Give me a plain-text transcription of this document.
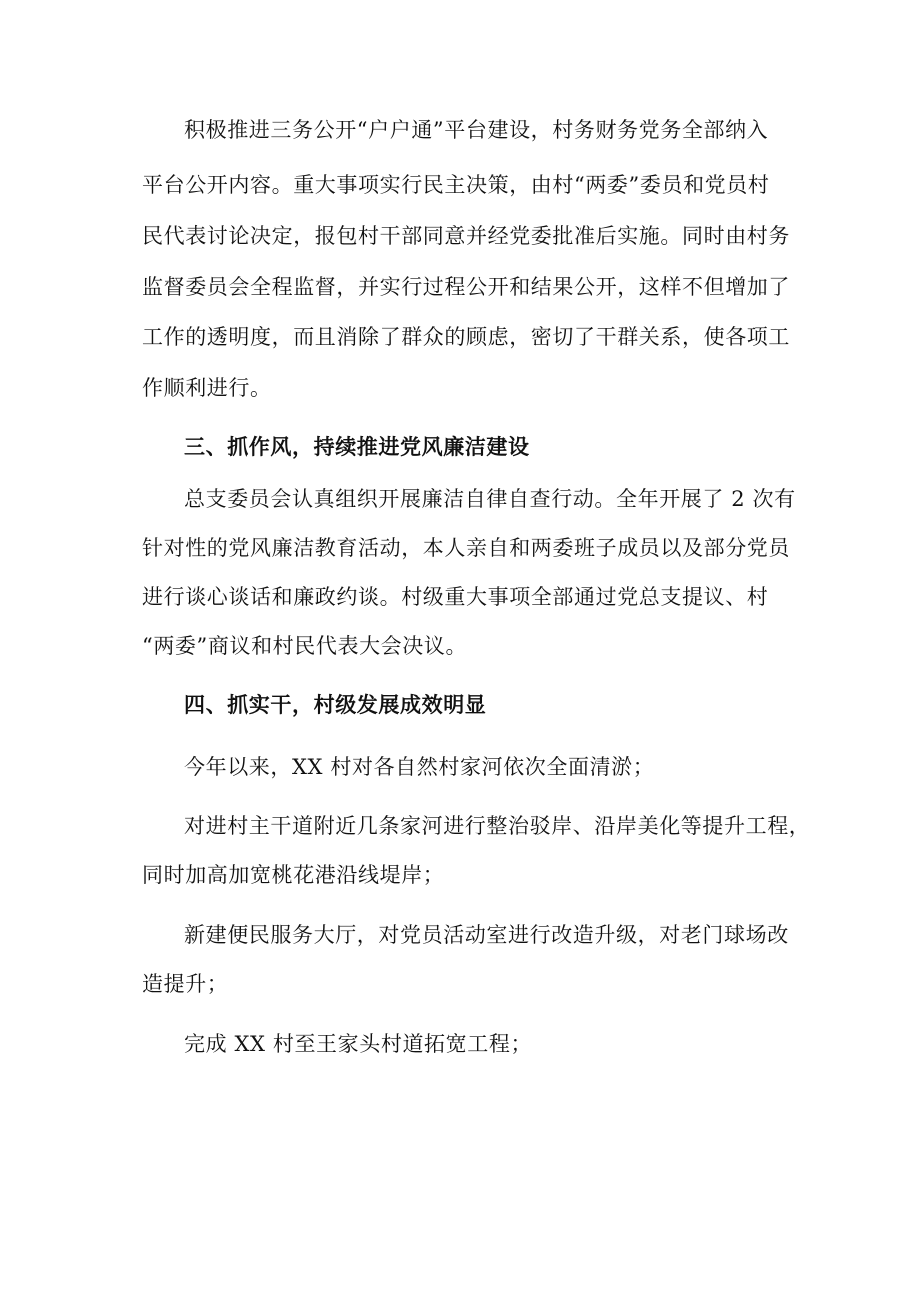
积极推进三务公开“户户通”平台建设，村务财务党务全部纳入
平台公开内容。重大事项实行民主决策，由村“两委”委员和党员村
民代表讨论决定，报包村干部同意并经党委批准后实施。同时由村务
监督委员会全程监督，并实行过程公开和结果公开，这样不但增加了
工作的透明度，而且消除了群众的顾虑，密切了干群关系，使各项工
作顺利进行。
三、抓作风，持续推进党风廉洁建设
总支委员会认真组织开展廉洁自律自查行动。全年开展了 2 次有
针对性的党风廉洁教育活动，本人亲自和两委班子成员以及部分党员
进行谈心谈话和廉政约谈。村级重大事项全部通过党总支提议、村
“两委”商议和村民代表大会决议。
四、抓实干，村级发展成效明显
今年以来，XX 村对各自然村家河依次全面清淤；
对进村主干道附近几条家河进行整治驳岸、沿岸美化等提升工程，
同时加高加宽桃花港沿线堤岸；
新建便民服务大厅，对党员活动室进行改造升级，对老门球场改
造提升；
完成 XX 村至王家头村道拓宽工程；
